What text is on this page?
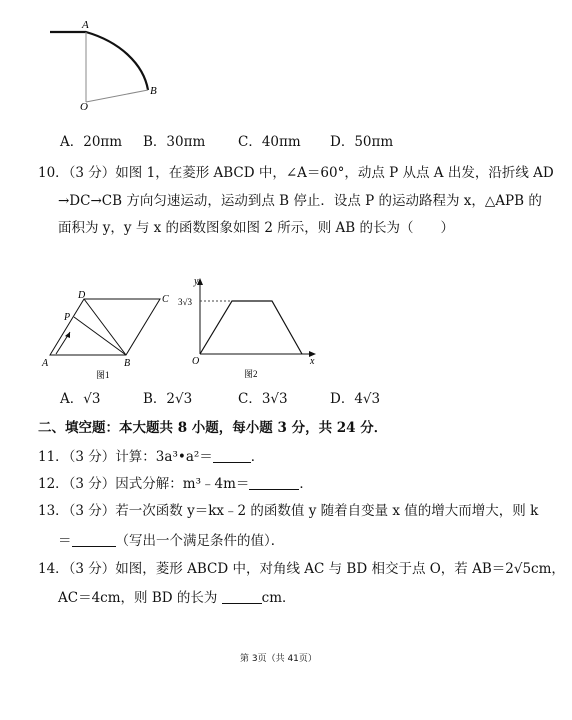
A
O
B
A．20πm B．30πm C．40πm D．50πm
10．（3 分）如图 1，在菱形 ABCD 中，∠A＝60°，动点 P 从点 A 出发，沿折线 AD
→DC→CB 方向匀速运动，运动到点 B 停止．设点 P 的运动路程为 x，△APB 的
面积为 y，y 与 x 的函数图象如图 2 所示，则 AB 的长为（　　）
A	B
C
D
P
图1
y
x
O
3√3
图2
A．√3	B．2√3	C．3√3	D．4√3
二、填空题：本大题共 8 小题，每小题 3 分，共 24 分．
11．（3 分）计算：3a³•a²＝	．
12．（3 分）因式分解：m³﹣4m＝	．
13．（3 分）若一次函数 y＝kx﹣2 的函数值 y 随着自变量 x 值的增大而增大，则 k
＝	（写出一个满足条件的值）．
14．（3 分）如图，菱形 ABCD 中，对角线 AC 与 BD 相交于点 O，若 AB＝2√5cm，
AC＝4cm，则 BD 的长为	cm．
第 3页（共 41页）
